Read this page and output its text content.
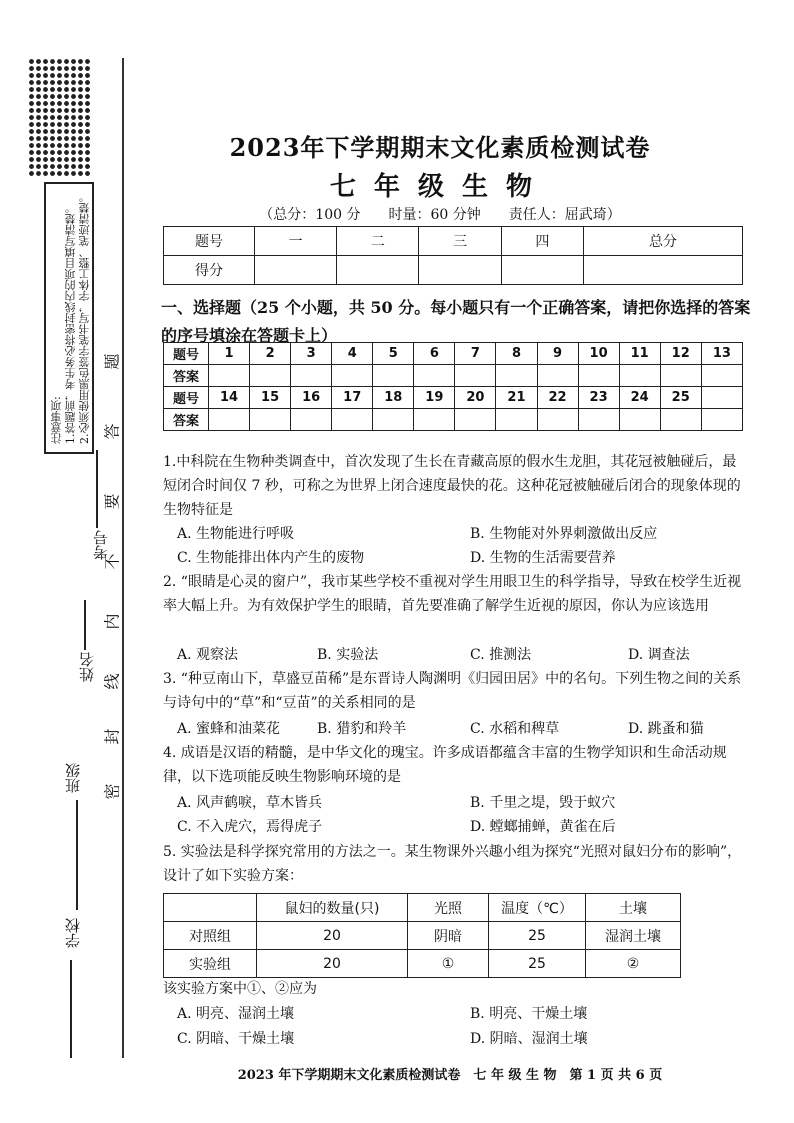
注意事项:
1.答题前，考生务必将密封线内的项目填写清楚。
2.必须使用黑色签字笔书写，字体工整、笔迹清楚。
学校
班级
姓名
考号
密
封
线
内
不
要
答
题
2023年下学期期末文化素质检测试卷
七年级生物
（总分：100 分　　时量：60 分钟　　责任人：屈武琦）
题号	一	二	三	四	总分
得分					
一、选择题（25 个小题，共 50 分。每小题只有一个正确答案，请把你选择的答案的序号填涂在答题卡上）
题号	1	2	3	4	5	6	7	8	9	10	11	12	13
答案													
题号	14	15	16	17	18	19	20	21	22	23	24	25	
答案													
1.中科院在生物种类调查中，首次发现了生长在青藏高原的假水生龙胆，其花冠被触碰后，最短闭合时间仅 7 秒，可称之为世界上闭合速度最快的花。这种花冠被触碰后闭合的现象体现的生物特征是
A. 生物能进行呼吸	B. 生物能对外界刺激做出反应
C. 生物能排出体内产生的废物	D. 生物的生活需要营养
2. “眼睛是心灵的窗户”，我市某些学校不重视对学生用眼卫生的科学指导，导致在校学生近视率大幅上升。为有效保护学生的眼睛，首先要准确了解学生近视的原因，你认为应该选用
A. 观察法	B. 实验法	C. 推测法	D. 调查法
3. “种豆南山下，草盛豆苗稀”是东晋诗人陶渊明《归园田居》中的名句。下列生物之间的关系与诗句中的“草”和“豆苗”的关系相同的是
A. 蜜蜂和油菜花	B. 猎豹和羚羊	C. 水稻和稗草	D. 跳蚤和猫
4. 成语是汉语的精髓，是中华文化的瑰宝。许多成语都蕴含丰富的生物学知识和生命活动规律，以下选项能反映生物影响环境的是
A. 风声鹤唳，草木皆兵	B. 千里之堤，毁于蚁穴
C. 不入虎穴，焉得虎子	D. 螳螂捕蝉，黄雀在后
5. 实验法是科学探究常用的方法之一。某生物课外兴趣小组为探究“光照对鼠妇分布的影响”，设计了如下实验方案：
	鼠妇的数量(只)	光照	温度（℃）	土壤
对照组	20	阴暗	25	湿润土壤
实验组	20	①	25	②
该实验方案中①、②应为
A. 明亮、湿润土壤	B. 明亮、干燥土壤
C. 阴暗、干燥土壤	D. 阴暗、湿润土壤
2023 年下学期期末文化素质检测试卷　七 年 级 生 物　第 1 页 共 6 页
